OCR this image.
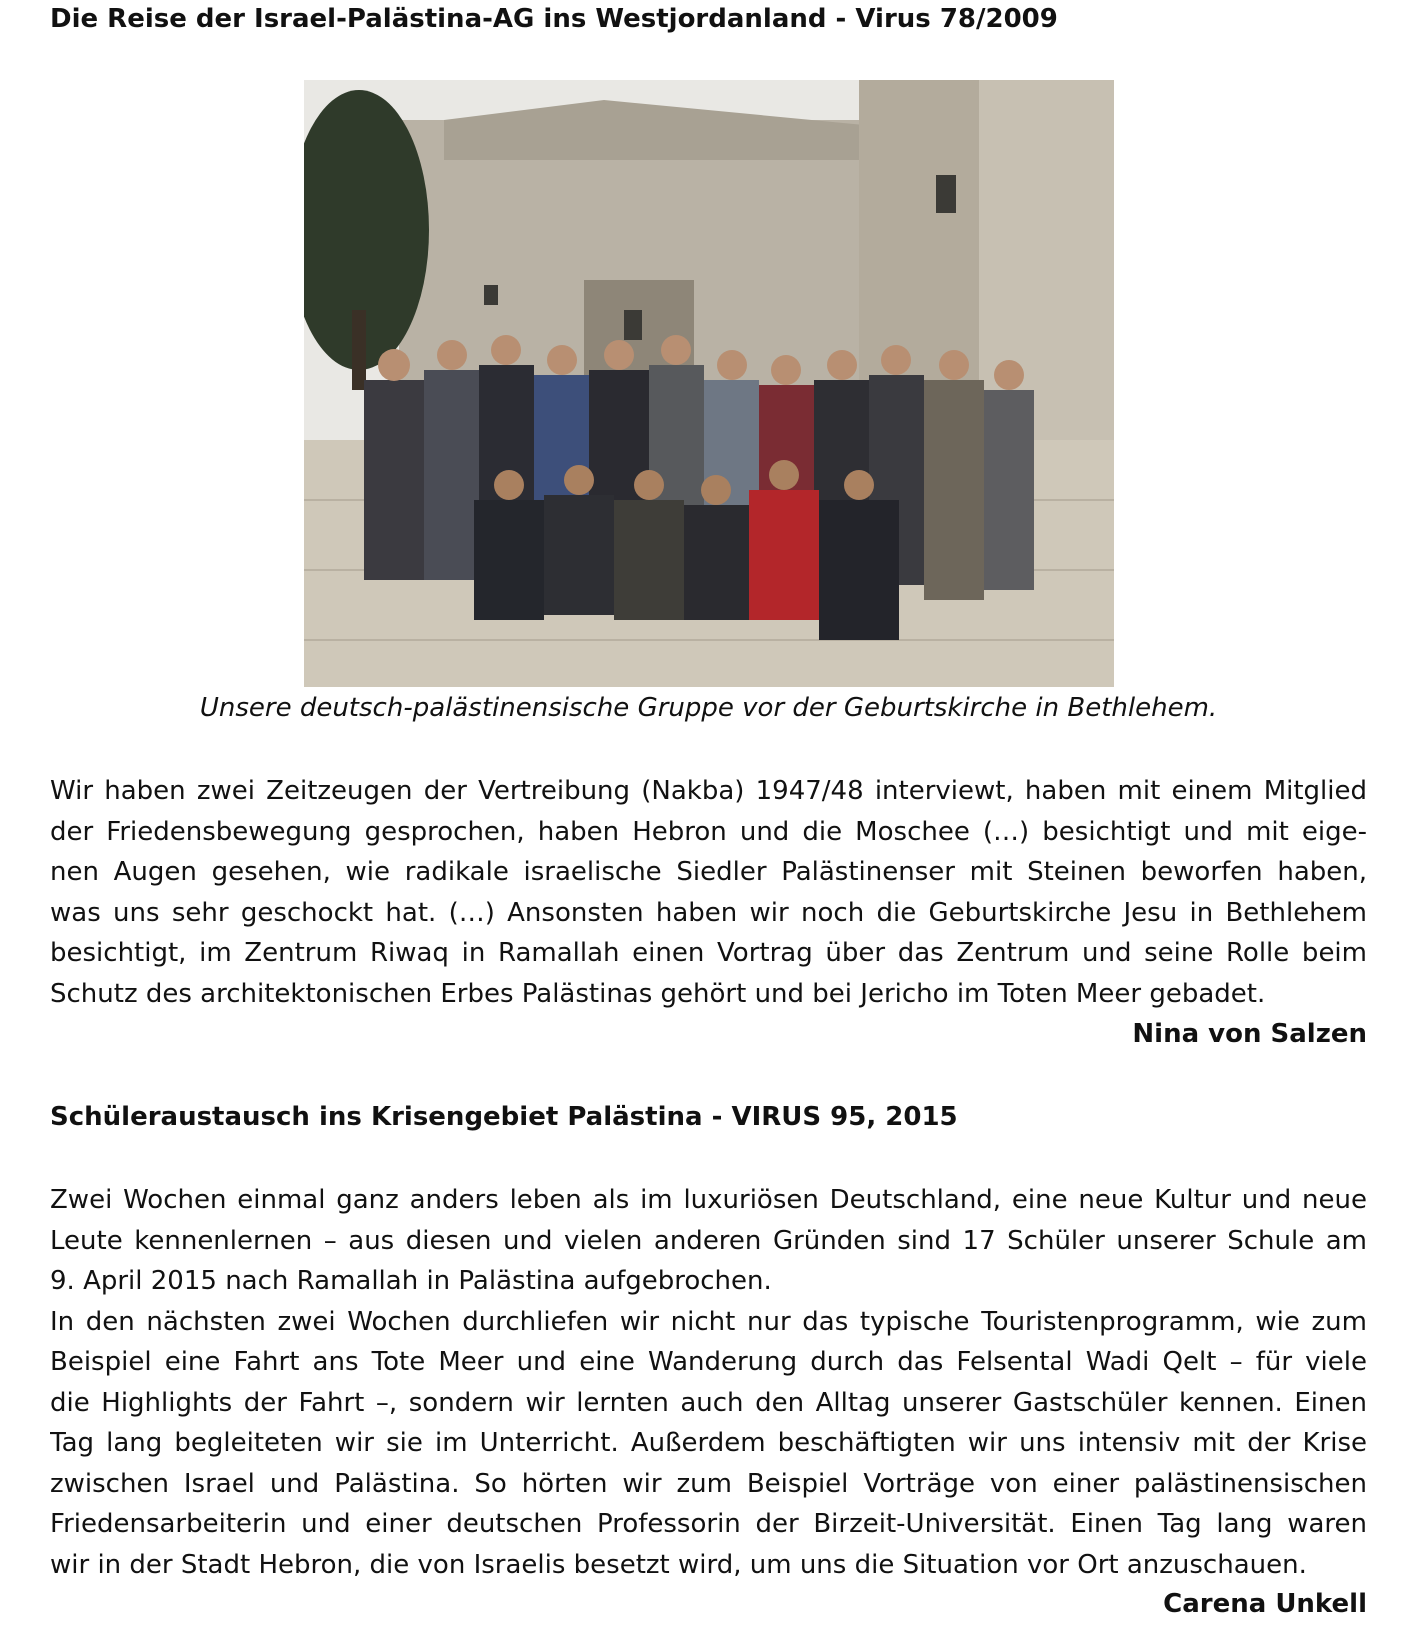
Die Reise der Israel-Palästina-AG ins Westjordanland - Virus 78/2009
Unsere deutsch-palästinensische Gruppe vor der Geburtskirche in Bethlehem.

Wir haben zwei Zeitzeugen der Vertreibung (Nakba) 1947/48 interviewt, haben mit einem Mitglied
der Friedensbewegung gesprochen, haben Hebron und die Moschee (…) besichtigt und mit eige-
nen Augen gesehen, wie radikale israelische Siedler Palästinenser mit Steinen beworfen haben,
was uns sehr geschockt hat. (…) Ansonsten haben wir noch die Geburtskirche Jesu in Bethlehem
besichtigt, im Zentrum Riwaq in Ramallah einen Vortrag über das Zentrum und seine Rolle beim
Schutz des architektonischen Erbes Palästinas gehört und bei Jericho im Toten Meer gebadet.

Nina von Salzen
Schüleraustausch ins Krisengebiet Palästina - VIRUS 95, 2015

Zwei Wochen einmal ganz anders leben als im luxuriösen Deutschland, eine neue Kultur und neue
Leute kennenlernen – aus diesen und vielen anderen Gründen sind 17 Schüler unserer Schule am
9. April 2015 nach Ramallah in Palästina aufgebrochen.
In den nächsten zwei Wochen durchliefen wir nicht nur das typische Touristenprogramm, wie zum
Beispiel eine Fahrt ans Tote Meer und eine Wanderung durch das Felsental Wadi Qelt – für viele
die Highlights der Fahrt –, sondern wir lernten auch den Alltag unserer Gastschüler kennen. Einen
Tag lang begleiteten wir sie im Unterricht. Außerdem beschäftigten wir uns intensiv mit der Krise
zwischen Israel und Palästina. So hörten wir zum Beispiel Vorträge von einer palästinensischen
Friedensarbeiterin und einer deutschen Professorin der Birzeit-Universität. Einen Tag lang waren
wir in der Stadt Hebron, die von Israelis besetzt wird, um uns die Situation vor Ort anzuschauen.

Carena Unkell
